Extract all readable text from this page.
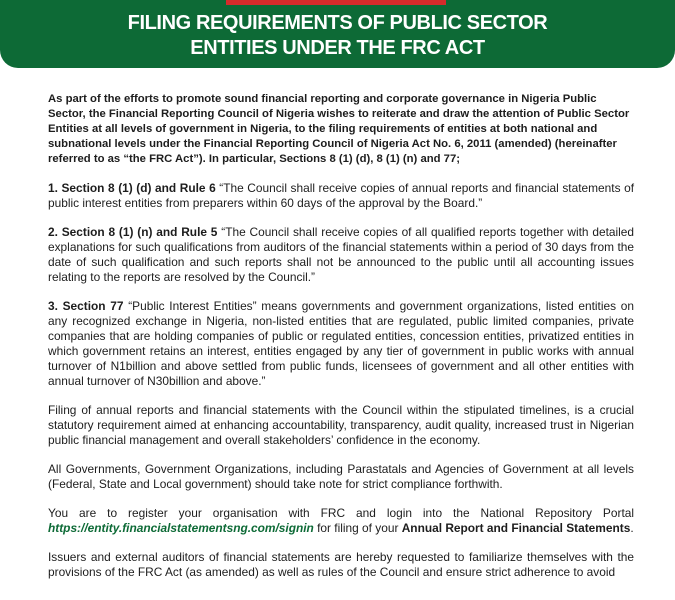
FILING REQUIREMENTS OF PUBLIC SECTOR
ENTITIES UNDER THE FRC ACT

As part of the efforts to promote sound financial reporting and corporate governance in Nigeria Public Sector, the Financial Reporting Council of Nigeria wishes to reiterate and draw the attention of Public Sector Entities at all levels of government in Nigeria, to the filing requirements of entities at both national and subnational levels under the Financial Reporting Council of Nigeria Act No. 6, 2011 (amended) (hereinafter referred to as “the FRC Act”). In particular, Sections 8 (1) (d), 8 (1) (n) and 77;

1. Section 8 (1) (d) and Rule 6 “The Council shall receive copies of annual reports and financial statements of public interest entities from preparers within 60 days of the approval by the Board.”

2. Section 8 (1) (n) and Rule 5 “The Council shall receive copies of all qualified reports together with detailed explanations for such qualifications from auditors of the financial statements within a period of 30 days from the date of such qualification and such reports shall not be announced to the public until all accounting issues relating to the reports are resolved by the Council.”

3. Section 77 “Public Interest Entities” means governments and government organizations, listed entities on any recognized exchange in Nigeria, non-listed entities that are regulated, public limited companies, private companies that are holding companies of public or regulated entities, concession entities, privatized entities in which government retains an interest, entities engaged by any tier of government in public works with annual turnover of N1billion and above settled from public funds, licensees of government and all other entities with annual turnover of N30billion and above.”

Filing of annual reports and financial statements with the Council within the stipulated timelines, is a crucial statutory requirement aimed at enhancing accountability, transparency, audit quality, increased trust in Nigerian public financial management and overall stakeholders’ confidence in the economy.

All Governments, Government Organizations, including Parastatals and Agencies of Government at all levels (Federal, State and Local government) should take note for strict compliance forthwith.

You are to register your organisation with FRC and login into the National Repository Portal https://entity.financialstatementsng.com/signin for filing of your Annual Report and Financial Statements.

Issuers and external auditors of financial statements are hereby requested to familiarize themselves with the provisions of the FRC Act (as amended) as well as rules of the Council and ensure strict adherence to avoid
